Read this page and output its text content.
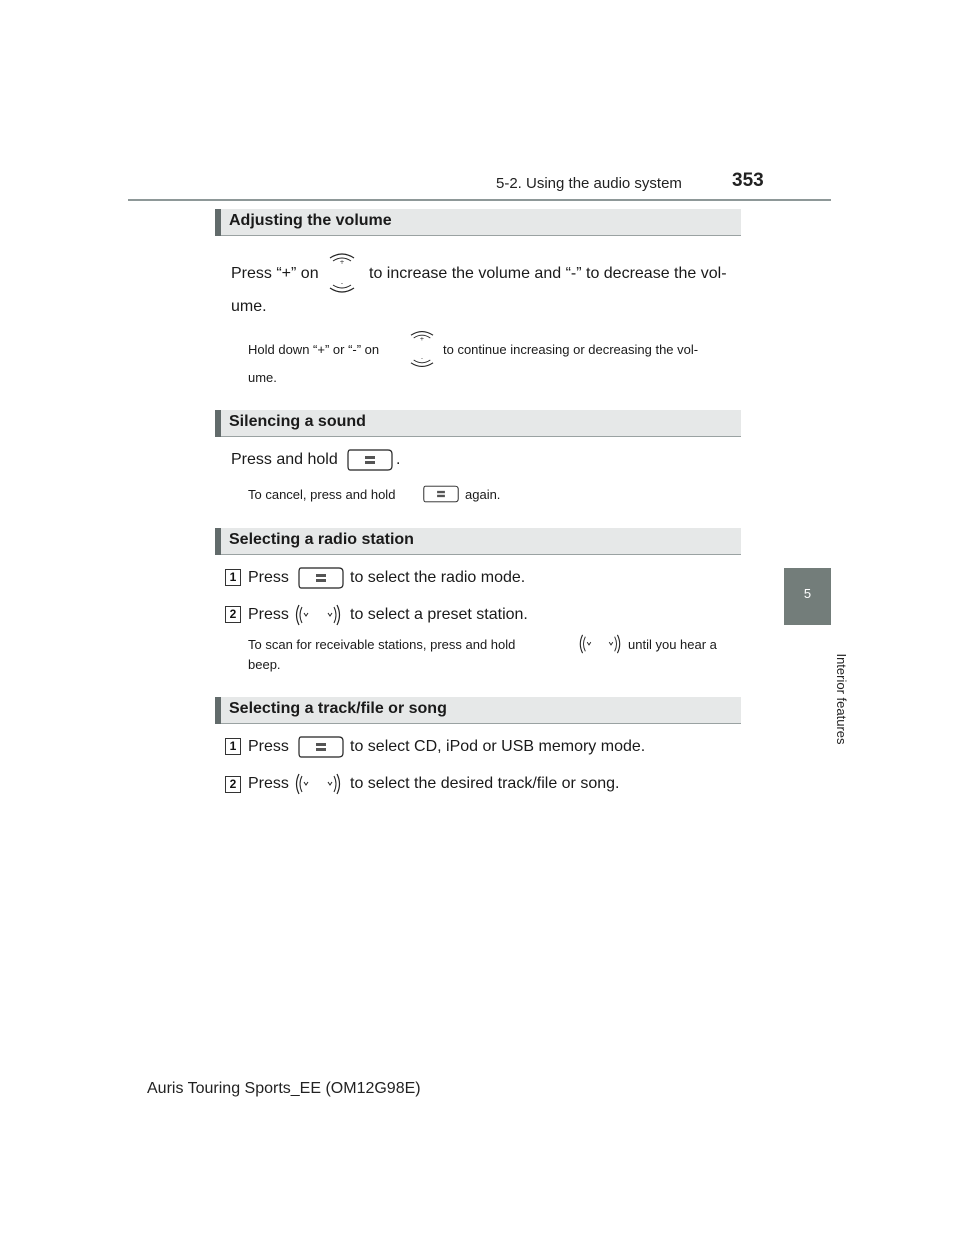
5-2. Using the audio system	353
5
Interior features
Adjusting the volume
Press “+” on	to increase the volume and “-” to decrease the vol-
ume.
Hold down “+” or “-” on	to continue increasing or decreasing the vol-
ume.
Silencing a sound
Press and hold	.
To cancel, press and hold	again.
Selecting a radio station
1 Press	to select the radio mode.
2 Press	to select a preset station.
To scan for receivable stations, press and hold	until you hear a
beep.
Selecting a track/file or song
1 Press	to select CD, iPod or USB memory mode.
2 Press	to select the desired track/file or song.
Auris Touring Sports_EE (OM12G98E)
